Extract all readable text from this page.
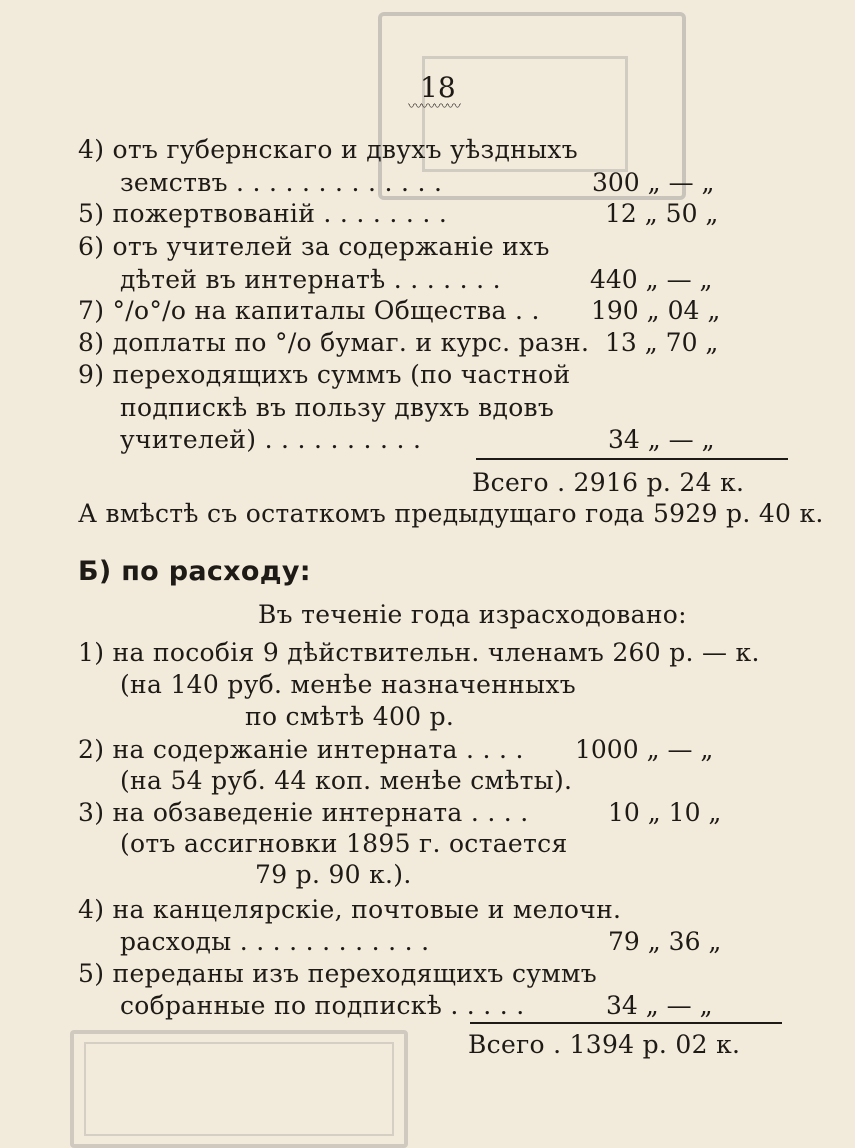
18
〰〰〰〰
4) отъ губернскаго и двухъ уѣздныхъ
земствъ . . . . . . . . . . . . .	300 „ — „
5) пожертвованій . . . . . . . .	12 „ 50 „
6) отъ учителей за содержаніе ихъ
дѣтей въ интернатѣ . . . . . . .	440 „ — „
7) °/o°/o на капиталы Общества . . 190 „ 04 „
8) доплаты по °/o бумаг. и курс. разн. 13 „ 70 „
9) переходящихъ суммъ (по частной
подпискѣ въ пользу двухъ вдовъ
учителей) . . . . . . . . . .	34 „ — „
Всего . 2916 р. 24 к.
А вмѣстѣ съ остаткомъ предыдущаго года 5929 р. 40 к.
Б) по расходу:
Въ теченіе года израсходовано:
1) на пособія 9 дѣйствительн. членамъ 260 р. — к.
(на 140 руб. менѣе назначенныхъ
по смѣтѣ 400 р.
2) на содержаніе интерната . . . . 1000 „ — „
(на 54 руб. 44 коп. менѣе смѣты).
3) на обзаведеніе интерната . . . .	10 „ 10 „
(отъ ассигновки 1895 г. остается
79 р. 90 к.).
4) на канцелярскіе, почтовые и мелочн.
расходы . . . . . . . . . . . .	79 „ 36 „
5) переданы изъ переходящихъ суммъ
собранные по подпискѣ . . . . .	34 „ — „
Всего . 1394 р. 02 к.
